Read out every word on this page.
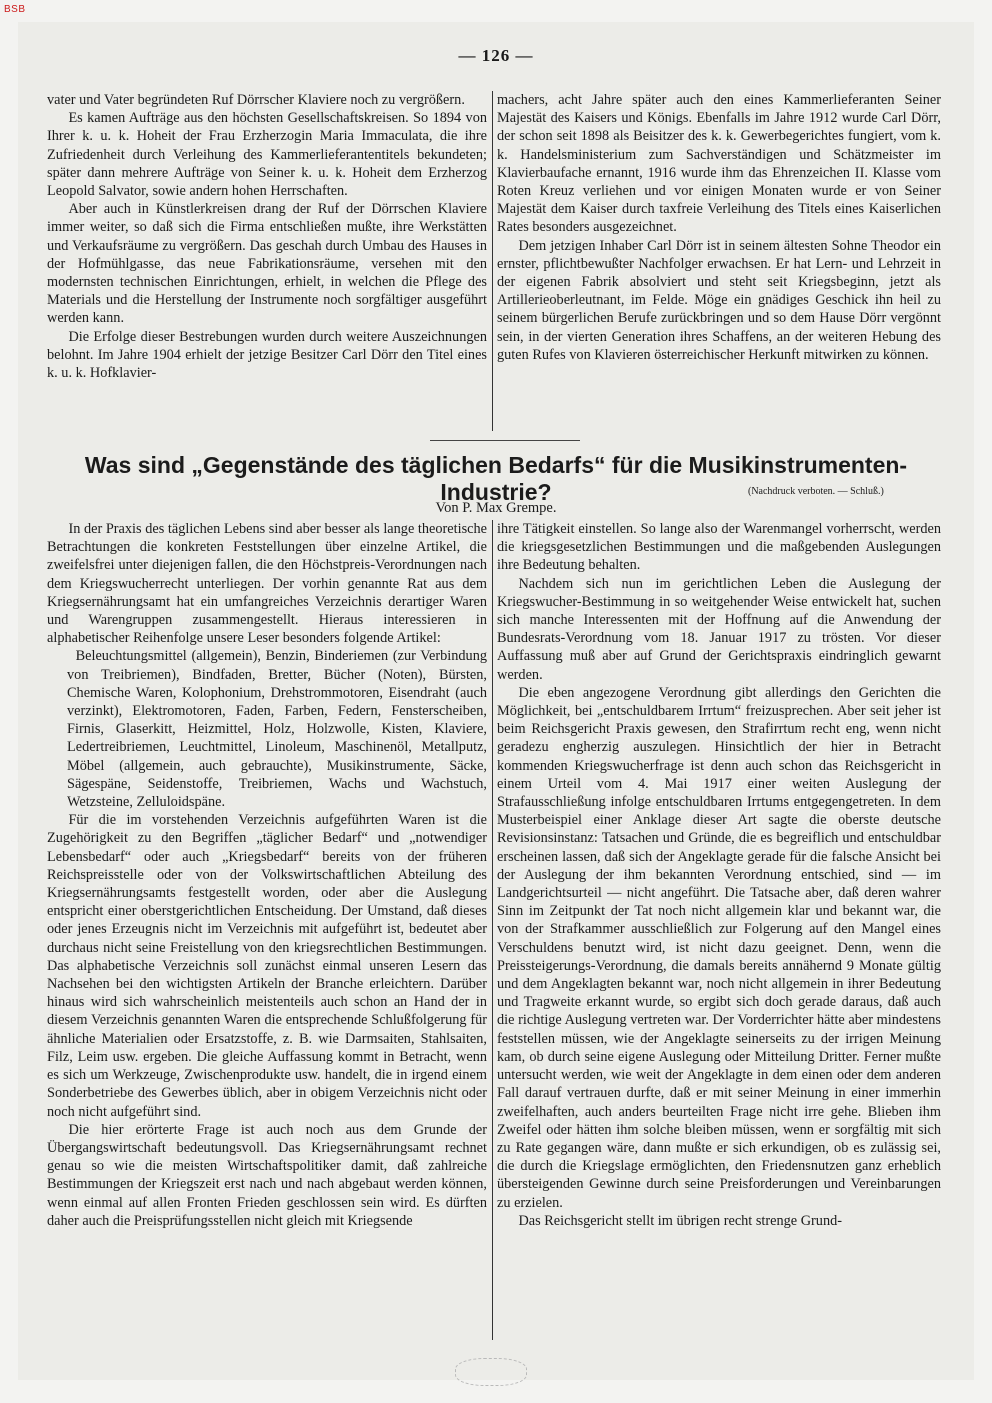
BSB
— 126 —

vater und Vater begründeten Ruf Dörrscher Klaviere noch zu vergrößern.

Es kamen Aufträge aus den höchsten Gesellschaftskreisen. So 1894 von Ihrer k. u. k. Hoheit der Frau Erzherzogin Maria Immaculata, die ihre Zufriedenheit durch Verleihung des Kammerlieferantentitels bekundeten; später dann mehrere Aufträge von Seiner k. u. k. Hoheit dem Erzherzog Leopold Salvator, sowie andern hohen Herrschaften.

Aber auch in Künstlerkreisen drang der Ruf der Dörrschen Klaviere immer weiter, so daß sich die Firma entschließen mußte, ihre Werkstätten und Verkaufsräume zu vergrößern. Das geschah durch Umbau des Hauses in der Hofmühlgasse, das neue Fabrikationsräume, versehen mit den modernsten technischen Einrichtungen, erhielt, in welchen die Pflege des Materials und die Herstellung der Instrumente noch sorgfältiger ausgeführt werden kann.

Die Erfolge dieser Bestrebungen wurden durch weitere Auszeichnungen belohnt. Im Jahre 1904 erhielt der jetzige Besitzer Carl Dörr den Titel eines k. u. k. Hofklavier-

machers, acht Jahre später auch den eines Kammerlieferanten Seiner Majestät des Kaisers und Königs. Ebenfalls im Jahre 1912 wurde Carl Dörr, der schon seit 1898 als Beisitzer des k. k. Gewerbegerichtes fungiert, vom k. k. Handelsministerium zum Sachverständigen und Schätzmeister im Klavierbaufache ernannt, 1916 wurde ihm das Ehrenzeichen II. Klasse vom Roten Kreuz verliehen und vor einigen Monaten wurde er von Seiner Majestät dem Kaiser durch taxfreie Verleihung des Titels eines Kaiserlichen Rates besonders ausgezeichnet.

Dem jetzigen Inhaber Carl Dörr ist in seinem ältesten Sohne Theodor ein ernster, pflichtbewußter Nachfolger erwachsen. Er hat Lern- und Lehrzeit in der eigenen Fabrik absolviert und steht seit Kriegsbeginn, jetzt als Artillerieoberleutnant, im Felde. Möge ein gnädiges Geschick ihn heil zu seinem bürgerlichen Berufe zurückbringen und so dem Hause Dörr vergönnt sein, in der vierten Generation ihres Schaffens, an der weiteren Hebung des guten Rufes von Klavieren österreichischer Herkunft mitwirken zu können.

Was sind „Gegenstände des täglichen Bedarfs“ für die Musikinstrumenten-Industrie?	(Nachdruck verboten. — Schluß.)
Von P. Max Grempe.

In der Praxis des täglichen Lebens sind aber besser als lange theoretische Betrachtungen die konkreten Feststellungen über einzelne Artikel, die zweifelsfrei unter diejenigen fallen, die den Höchstpreis-Verordnungen nach dem Kriegswucherrecht unterliegen. Der vorhin genannte Rat aus dem Kriegsernährungsamt hat ein umfangreiches Verzeichnis derartiger Waren und Warengruppen zusammengestellt. Hieraus interessieren in alphabetischer Reihenfolge unsere Leser besonders folgende Artikel:

Beleuchtungsmittel (allgemein), Benzin, Binderiemen (zur Verbindung von Treibriemen), Bindfaden, Bretter, Bücher (Noten), Bürsten, Chemische Waren, Kolophonium, Drehstrommotoren, Eisendraht (auch verzinkt), Elektromotoren, Faden, Farben, Federn, Fensterscheiben, Firnis, Glaserkitt, Heizmittel, Holz, Holzwolle, Kisten, Klaviere, Ledertreibriemen, Leuchtmittel, Linoleum, Maschinenöl, Metallputz, Möbel (allgemein, auch gebrauchte), Musikinstrumente, Säcke, Sägespäne, Seidenstoffe, Treibriemen, Wachs und Wachstuch, Wetzsteine, Zelluloidspäne.

Für die im vorstehenden Verzeichnis aufgeführten Waren ist die Zugehörigkeit zu den Begriffen „täglicher Bedarf“ und „notwendiger Lebensbedarf“ oder auch „Kriegsbedarf“ bereits von der früheren Reichspreisstelle oder von der Volkswirtschaftlichen Abteilung des Kriegsernährungsamts festgestellt worden, oder aber die Auslegung entspricht einer oberstgerichtlichen Entscheidung. Der Umstand, daß dieses oder jenes Erzeugnis nicht im Verzeichnis mit aufgeführt ist, bedeutet aber durchaus nicht seine Freistellung von den kriegsrechtlichen Bestimmungen. Das alphabetische Verzeichnis soll zunächst einmal unseren Lesern das Nachsehen bei den wichtigsten Artikeln der Branche erleichtern. Darüber hinaus wird sich wahrscheinlich meistenteils auch schon an Hand der in diesem Verzeichnis genannten Waren die entsprechende Schlußfolgerung für ähnliche Materialien oder Ersatzstoffe, z. B. wie Darmsaiten, Stahlsaiten, Filz, Leim usw. ergeben. Die gleiche Auffassung kommt in Betracht, wenn es sich um Werkzeuge, Zwischenprodukte usw. handelt, die in irgend einem Sonderbetriebe des Gewerbes üblich, aber in obigem Verzeichnis nicht oder noch nicht aufgeführt sind.

Die hier erörterte Frage ist auch noch aus dem Grunde der Übergangswirtschaft bedeutungsvoll. Das Kriegsernährungsamt rechnet genau so wie die meisten Wirtschaftspolitiker damit, daß zahlreiche Bestimmungen der Kriegszeit erst nach und nach abgebaut werden können, wenn einmal auf allen Fronten Frieden geschlossen sein wird. Es dürften daher auch die Preisprüfungsstellen nicht gleich mit Kriegsende

ihre Tätigkeit einstellen. So lange also der Warenmangel vorherrscht, werden die kriegsgesetzlichen Bestimmungen und die maßgebenden Auslegungen ihre Bedeutung behalten.

Nachdem sich nun im gerichtlichen Leben die Auslegung der Kriegswucher-Bestimmung in so weitgehender Weise entwickelt hat, suchen sich manche Interessenten mit der Hoffnung auf die Anwendung der Bundesrats-Verordnung vom 18. Januar 1917 zu trösten. Vor dieser Auffassung muß aber auf Grund der Gerichtspraxis eindringlich gewarnt werden.

Die eben angezogene Verordnung gibt allerdings den Gerichten die Möglichkeit, bei „entschuldbarem Irrtum“ freizusprechen. Aber seit jeher ist beim Reichsgericht Praxis gewesen, den Strafirrtum recht eng, wenn nicht geradezu engherzig auszulegen. Hinsichtlich der hier in Betracht kommenden Kriegswucherfrage ist denn auch schon das Reichsgericht in einem Urteil vom 4. Mai 1917 einer weiten Auslegung der Strafausschließung infolge entschuldbaren Irrtums entgegengetreten. In dem Musterbeispiel einer Anklage dieser Art sagte die oberste deutsche Revisionsinstanz: Tatsachen und Gründe, die es begreiflich und entschuldbar erscheinen lassen, daß sich der Angeklagte gerade für die falsche Ansicht bei der Auslegung der ihm bekannten Verordnung entschied, sind — im Landgerichtsurteil — nicht angeführt. Die Tatsache aber, daß deren wahrer Sinn im Zeitpunkt der Tat noch nicht allgemein klar und bekannt war, die von der Strafkammer ausschließlich zur Folgerung auf den Mangel eines Verschuldens benutzt wird, ist nicht dazu geeignet. Denn, wenn die Preissteigerungs-Verordnung, die damals bereits annähernd 9 Monate gültig und dem Angeklagten bekannt war, noch nicht allgemein in ihrer Bedeutung und Tragweite erkannt wurde, so ergibt sich doch gerade daraus, daß auch die richtige Auslegung vertreten war. Der Vorderrichter hätte aber mindestens feststellen müssen, wie der Angeklagte seinerseits zu der irrigen Meinung kam, ob durch seine eigene Auslegung oder Mitteilung Dritter. Ferner mußte untersucht werden, wie weit der Angeklagte in dem einen oder dem anderen Fall darauf vertrauen durfte, daß er mit seiner Meinung in einer immerhin zweifelhaften, auch anders beurteilten Frage nicht irre gehe. Blieben ihm Zweifel oder hätten ihm solche bleiben müssen, wenn er sorgfältig mit sich zu Rate gegangen wäre, dann mußte er sich erkundigen, ob es zulässig sei, die durch die Kriegslage ermöglichten, den Friedensnutzen ganz erheblich übersteigenden Gewinne durch seine Preisforderungen und Vereinbarungen zu erzielen.

Das Reichsgericht stellt im übrigen recht strenge Grund-
